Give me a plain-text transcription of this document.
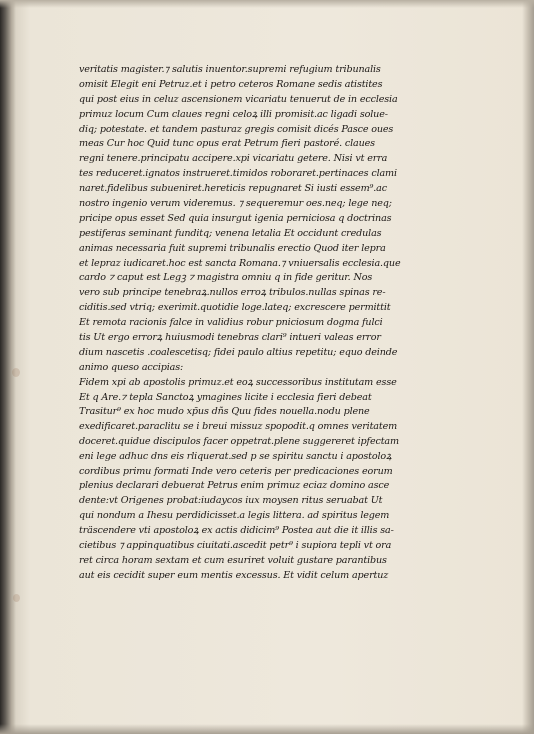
veritatis magister.⁊ salutis inuentor.supremi refugium tribunalis
omisit Elegit eni Petruz.et i petro ceteros Romane sedis atistites
qui post eius in celuz ascensionem vicariatu tenuerut de in ecclesia
primuz locum Cum claues regni celoꝝ illi promisit.ac ligadi solue-
diq; potestate. et tandem pasturaz gregis comisit dicés Pasce oues
meas Cur hoc Quid tunc opus erat Petrum fieri pastoré. claues
regni tenere.principatu accipere.xpi vicariatu getere. Nisi vt erra
tes reduceret.ignatos instrueret.timidos roboraret.pertinaces clami
naret.fidelibus subueniret.hereticis repugnaret Si iusti essem⁹.ac
nostro ingenio verum videremus. ⁊ sequeremur oes.neq; lege neq;
pricipe opus esset Sed quia insurgut igenia perniciosa q doctrinas
pestiferas seminant funditq; venena letalia Et occidunt credulas
animas necessaria fuit supremi tribunalis erectio Quod iter lepra
et lepraz iudicaret.hoc est sancta Romana.⁊ vniuersalis ecclesia.que
cardo ⁊ caput est Legꝫ ⁊ magistra omniu q in fide geritur. Nos
vero sub principe tenebraꝝ.nullos erroꝝ tribulos.nullas spinas re-
ciditis.sed vtriq; exerimit.quotidie loge.lateq; excrescere permittit
Et remota racionis falce in validius robur pniciosum dogma fulci
tis Ut ergo errorꝝ huiusmodi tenebras clari⁹ intueri valeas error
dium nascetis .coalescetisq; fidei paulo altius repetitu; equo deinde
animo queso accipias:
Fidem xpi ab apostolis primuz.et eoꝝ successoribus institutam esse
Et q Are.⁊ tepla Sanctoꝝ ymagines licite i ecclesia fieri debeat
Trasitur⁹ ex hoc mudo xp̄us dñs Quu fides nouella.nodu plene
exedificaret.paraclitu se i breui missuz spopodit.q omnes veritatem
doceret.quidue discipulos facer oppetrat.plene suggereret ipfectam
eni lege adhuc dns eis rliquerat.sed p se spiritu sanctu i apostoloꝝ
cordibus primu formati Inde vero ceteris per predicaciones eorum
plenius declarari debuerat Petrus enim primuz eciaz domino asce
dente:vt Origenes probat:iudaycos iux moysen ritus seruabat Ut
qui nondum a Ihesu perdidicisset.a legis littera. ad spiritus legem
träscendere vti apostoloꝝ ex actis didicim⁹ Postea aut die it illis sa-
cietibus ⁊ appinquatibus ciuitati.ascedit petr⁹ i supiora tepli vt ora
ret circa horam sextam et cum esuriret voluit gustare parantibus
aut eis cecidit super eum mentis excessus. Et vidit celum apertuz
